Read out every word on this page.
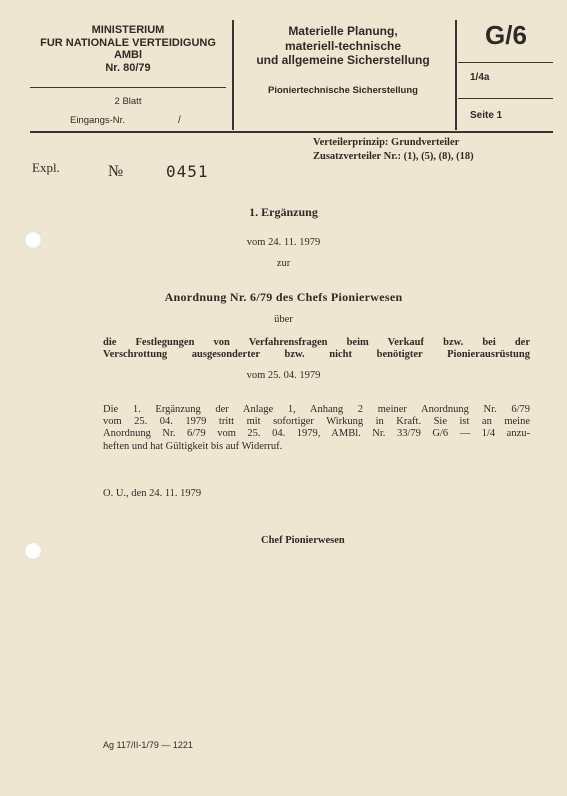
MINISTERIUM
FUR NATIONALE VERTEIDIGUNG
AMBl
Nr. 80/79
2 Blatt
Eingangs-Nr.	/
Materielle Planung,
materiell-technische
und allgemeine Sicherstellung
Pioniertechnische Sicherstellung
G/6
1/4a
Seite 1
Verteilerprinzip: Grundverteiler
Zusatzverteiler Nr.: (1), (5), (8), (18)
Expl.	№	0451
1. Ergänzung
vom 24. 11. 1979
zur
Anordnung Nr. 6/79 des Chefs Pionierwesen
über
die Festlegungen von Verfahrensfragen beim Verkauf bzw. bei der
Verschrottung ausgesonderter bzw. nicht benötigter Pionierausrüstung
vom 25. 04. 1979
Die 1. Ergänzung der Anlage 1, Anhang 2 meiner Anordnung Nr. 6/79
vom 25. 04. 1979 tritt mit sofortiger Wirkung in Kraft. Sie ist an meine
Anordnung Nr. 6/79 vom 25. 04. 1979, AMBl. Nr. 33/79 G/6 — 1/4 anzu-
heften und hat Gültigkeit bis auf Widerruf.
O. U., den 24. 11. 1979
Chef Pionierwesen
Ag 117/II-1/79 — 1221
